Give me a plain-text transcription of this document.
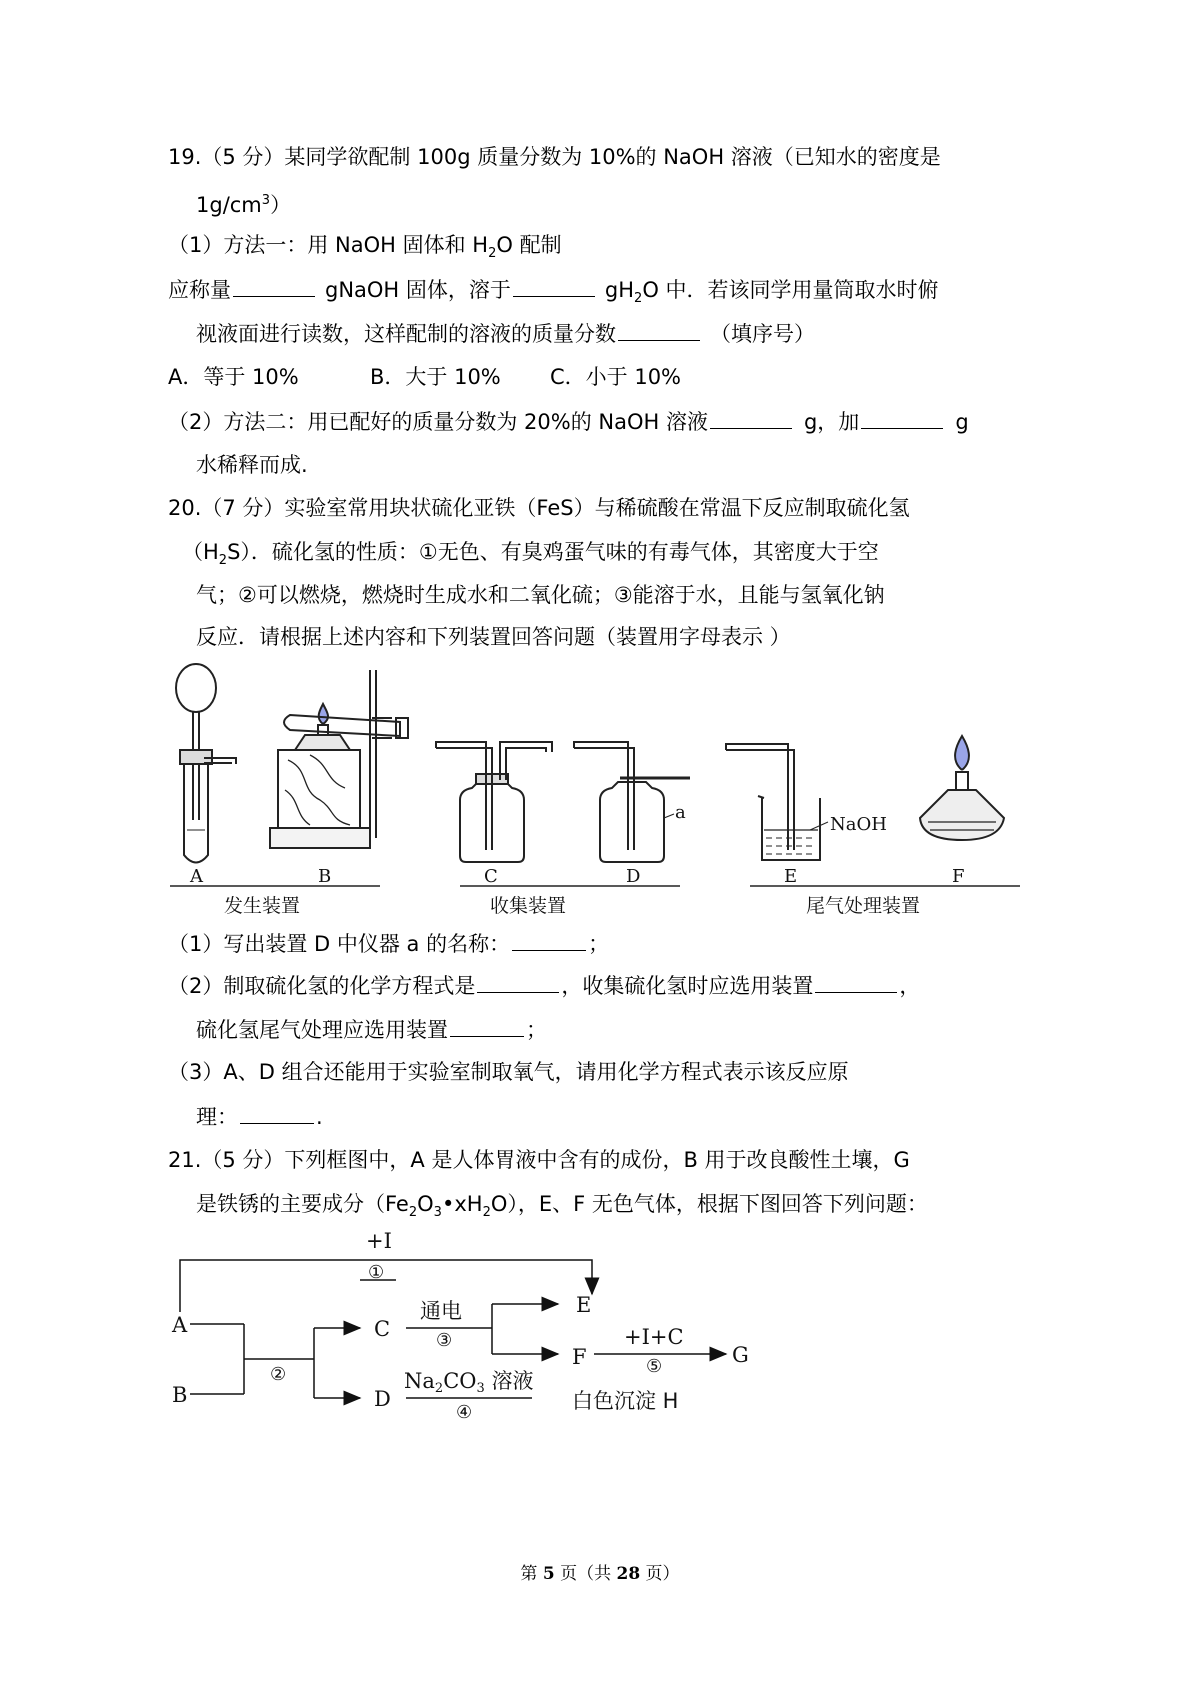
19.（5 分）某同学欲配制 100g 质量分数为 10%的 NaOH 溶液（已知水的密度是
$1g/cm^3$）
（1）方法一：用 NaOH 固体和 $H_2O$ 配制
应称量	gNaOH 固体，溶于	$gH_2O$ 中．若该同学用量筒取水时俯
视液面进行读数，这样配制的溶液的质量分数	（填序号）
A．等于 10%	B．大于 10% C．小于 10%
（2）方法二：用已配好的质量分数为 20%的 NaOH 溶液	g，加	g
水稀释而成.
20.（7 分）实验室常用块状硫化亚铁（FeS）与稀硫酸在常温下反应制取硫化氢
$(H_2S)$．硫化氢的性质：①无色、有臭鸡蛋气味的有毒气体，其密度大于空
气；②可以燃烧，燃烧时生成水和二氧化硫；③能溶于水，且能与氢氧化钠
反应．请根据上述内容和下列装置回答问题（装置用字母表示 ）
A	B	C	D	E	F
a
NaOH
发生装置	收集装置	尾气处理装置
（1）写出装置 D 中仪器 a 的名称：	；
（2）制取硫化氢的化学方程式是	，收集硫化氢时应选用装置	，
硫化氢尾气处理应选用装置	；
（3）A、D 组合还能用于实验室制取氧气，请用化学方程式表示该反应原
理：	.
21.（5 分）下列框图中，A 是人体胃液中含有的成份，B 用于改良酸性土壤，G
是铁锈的主要成分$(Fe_2O_3•xH_2O)$，E、F 无色气体，根据下图回答下列问题：
A
B
C
D
E
F	G
+I
①
②
通电
③
Na2CO3 溶液
④
+I+C
⑤
白色沉淀 H
第 5 页（共 28 页）
